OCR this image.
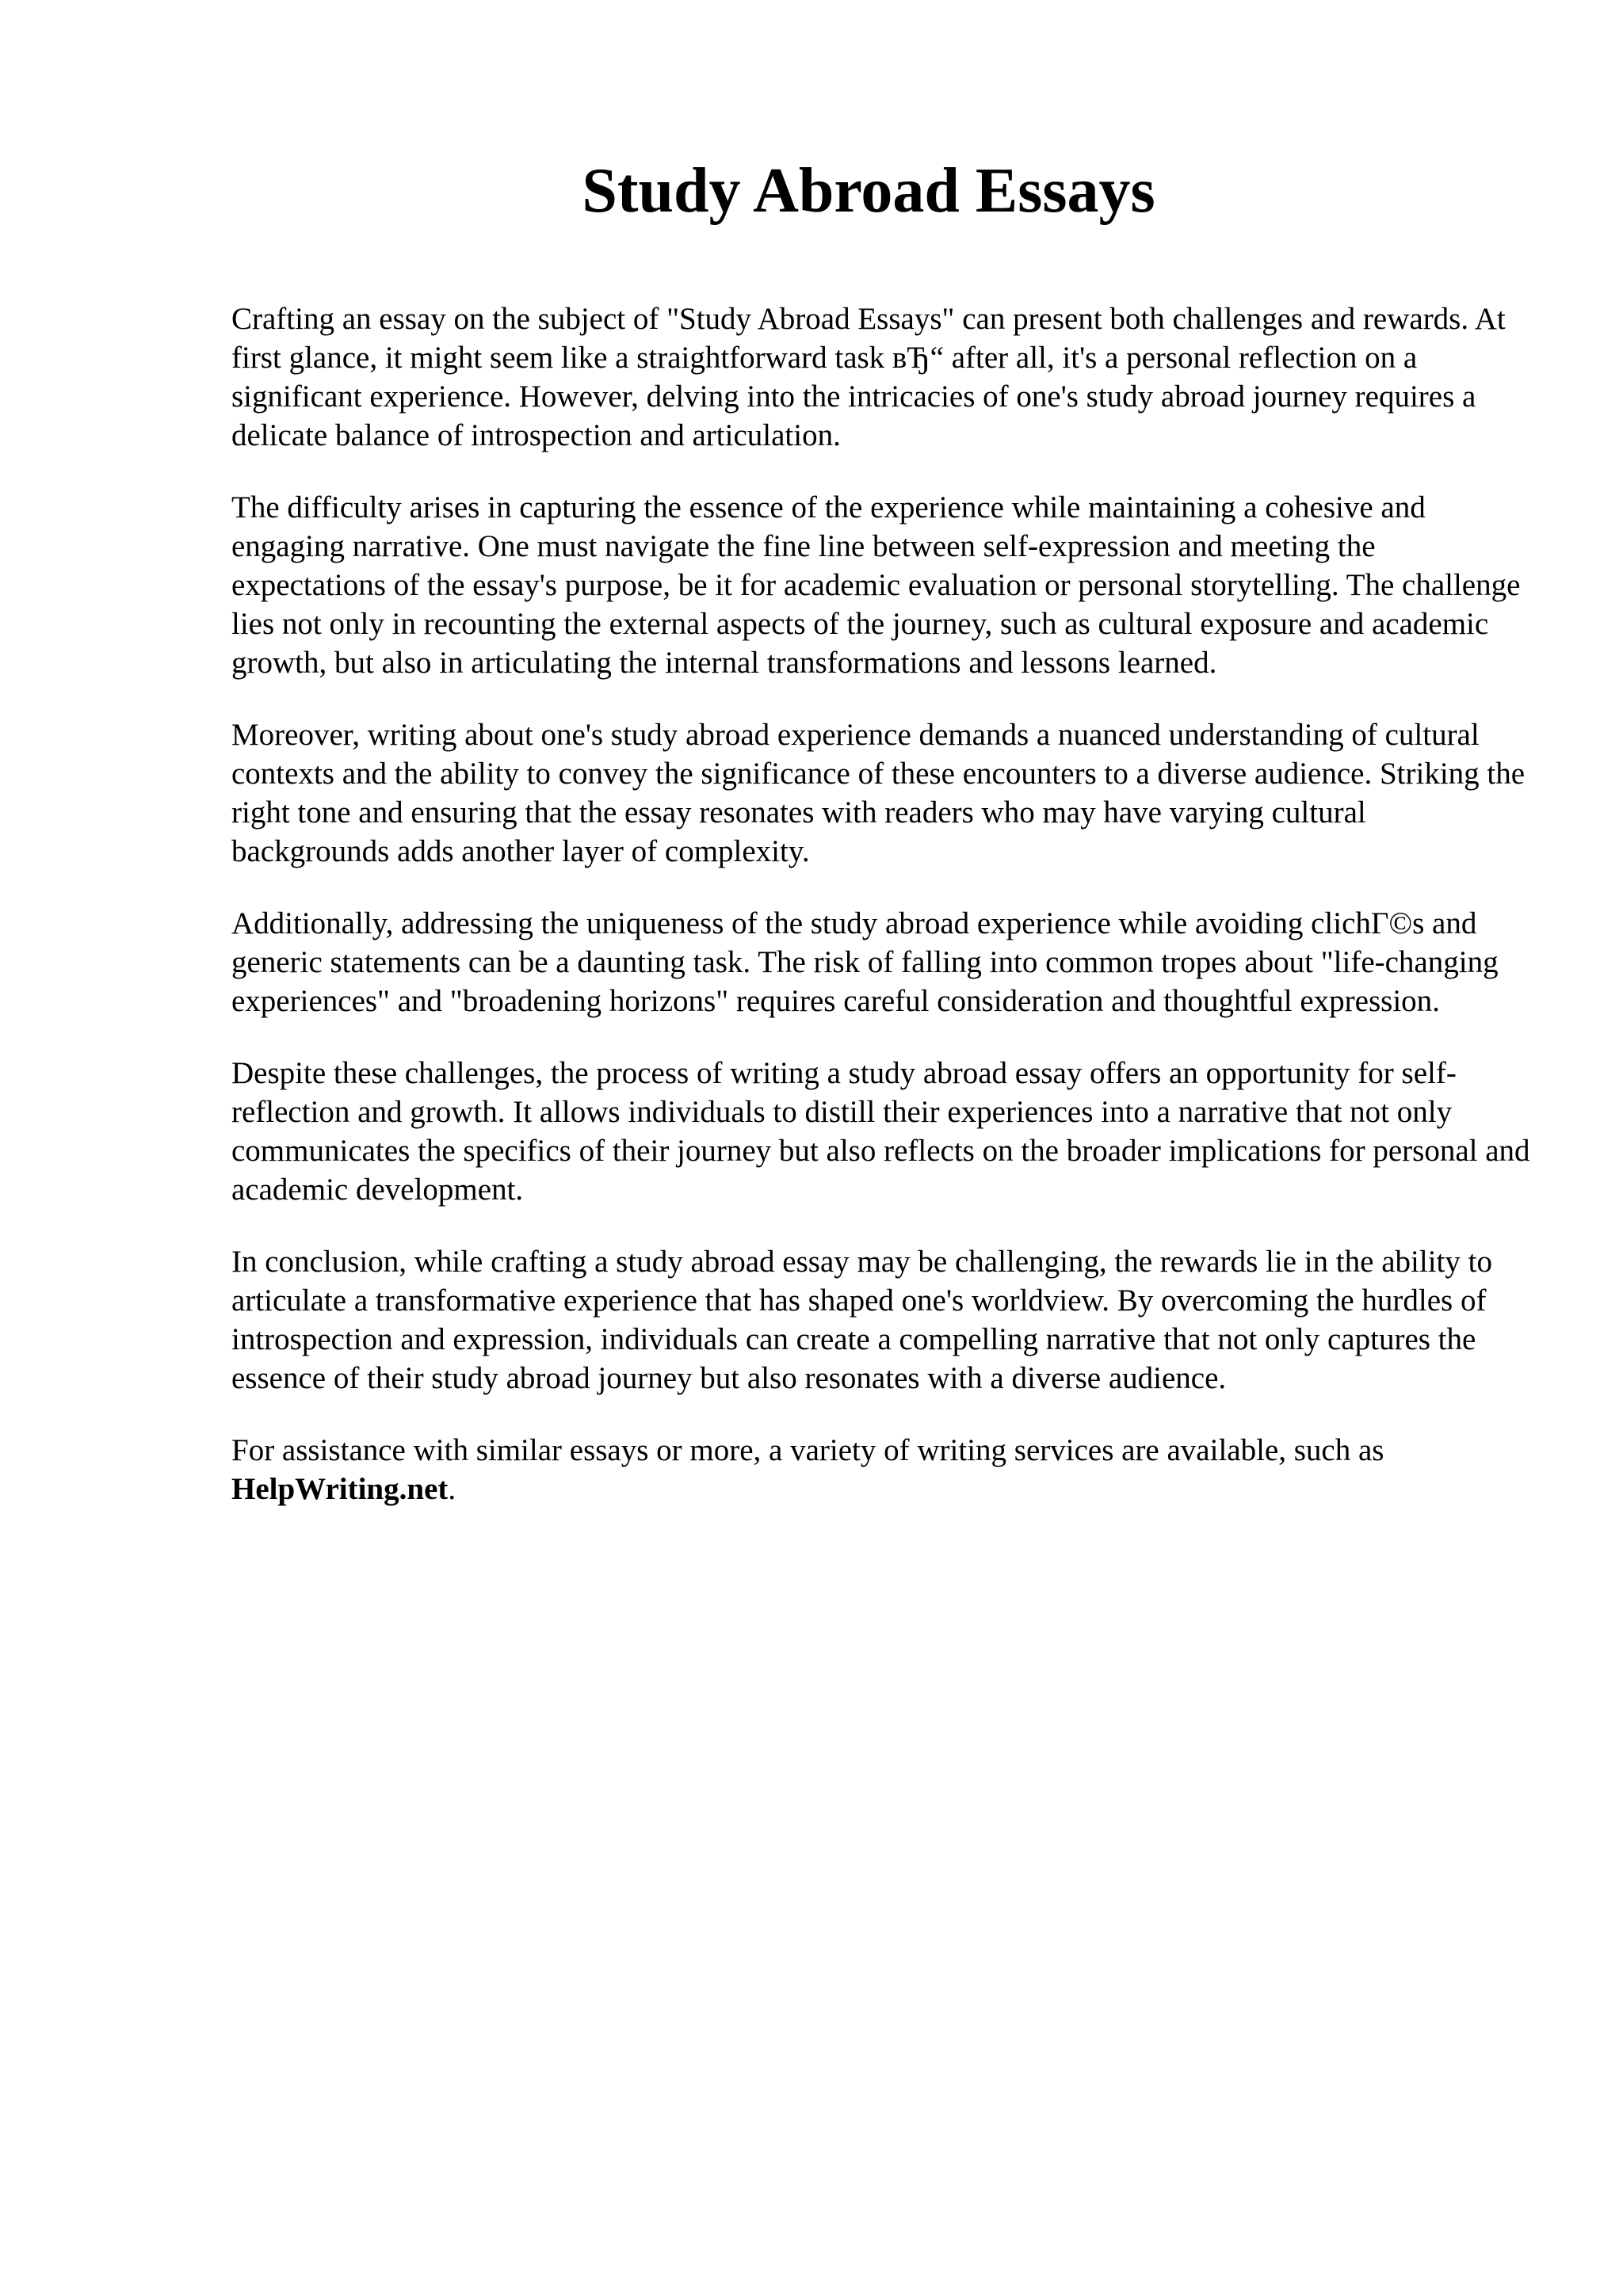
Study Abroad Essays

Crafting an essay on the subject of "Study Abroad Essays" can present both challenges and rewards. At first glance, it might seem like a straightforward task вЂ“ after all, it's a personal reflection on a significant experience. However, delving into the intricacies of one's study abroad journey requires a delicate balance of introspection and articulation.

The difficulty arises in capturing the essence of the experience while maintaining a cohesive and engaging narrative. One must navigate the fine line between self-expression and meeting the expectations of the essay's purpose, be it for academic evaluation or personal storytelling. The challenge lies not only in recounting the external aspects of the journey, such as cultural exposure and academic growth, but also in articulating the internal transformations and lessons learned.

Moreover, writing about one's study abroad experience demands a nuanced understanding of cultural contexts and the ability to convey the significance of these encounters to a diverse audience. Striking the right tone and ensuring that the essay resonates with readers who may have varying cultural backgrounds adds another layer of complexity.

Additionally, addressing the uniqueness of the study abroad experience while avoiding clichГ©s and generic statements can be a daunting task. The risk of falling into common tropes about "life-changing experiences" and "broadening horizons" requires careful consideration and thoughtful expression.

Despite these challenges, the process of writing a study abroad essay offers an opportunity for self-reflection and growth. It allows individuals to distill their experiences into a narrative that not only communicates the specifics of their journey but also reflects on the broader implications for personal and academic development.

In conclusion, while crafting a study abroad essay may be challenging, the rewards lie in the ability to articulate a transformative experience that has shaped one's worldview. By overcoming the hurdles of introspection and expression, individuals can create a compelling narrative that not only captures the essence of their study abroad journey but also resonates with a diverse audience.

For assistance with similar essays or more, a variety of writing services are available, such as HelpWriting.net.
